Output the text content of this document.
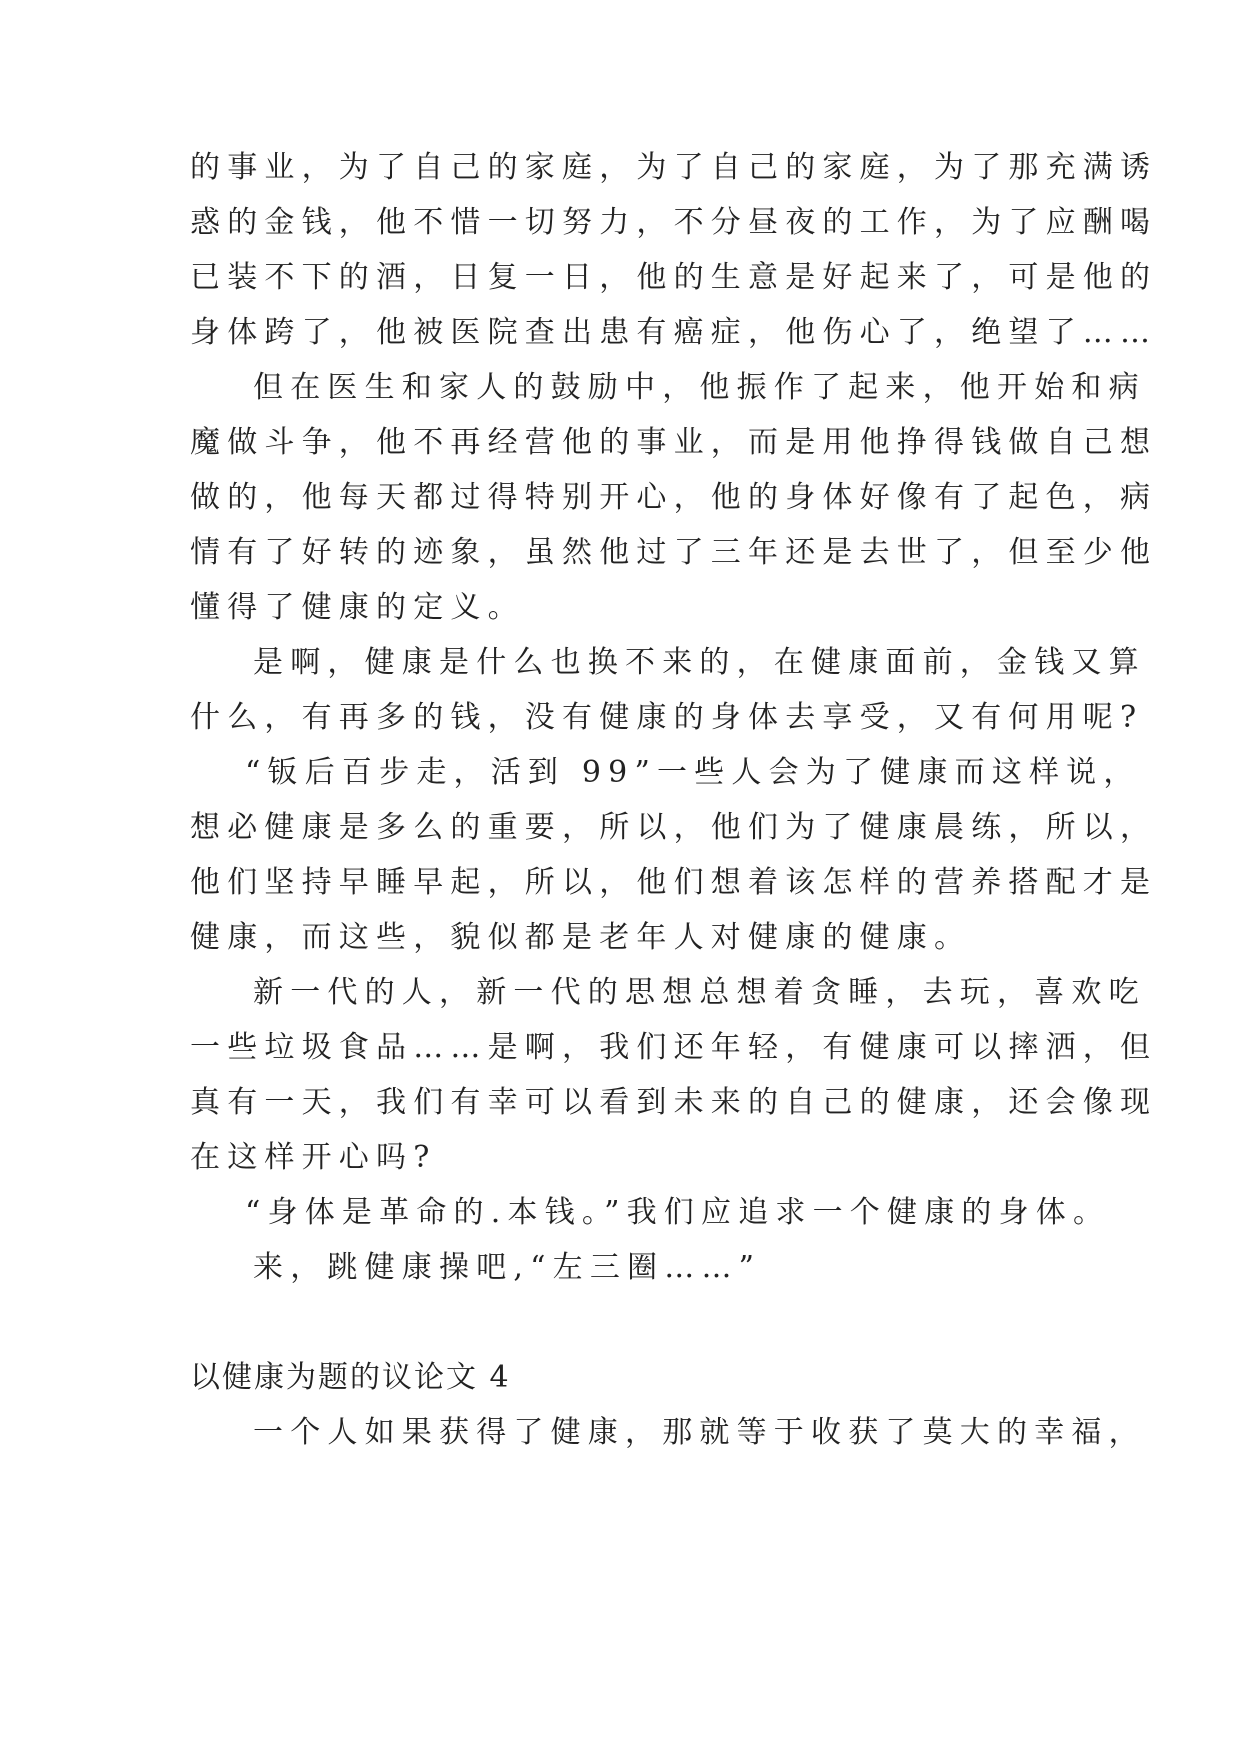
的事业，为了自己的家庭，为了自己的家庭，为了那充满诱
惑的金钱，他不惜一切努力，不分昼夜的工作，为了应酬喝
已装不下的酒，日复一日，他的生意是好起来了，可是他的
身体跨了，他被医院查出患有癌症，他伤心了，绝望了……
但在医生和家人的鼓励中，他振作了起来，他开始和病
魔做斗争，他不再经营他的事业，而是用他挣得钱做自己想
做的，他每天都过得特别开心，他的身体好像有了起色，病
情有了好转的迹象，虽然他过了三年还是去世了，但至少他
懂得了健康的定义。
是啊，健康是什么也换不来的，在健康面前，金钱又算
什么，有再多的钱，没有健康的身体去享受，又有何用呢?
“钣后百步走，活到 99”一些人会为了健康而这样说，
想必健康是多么的重要，所以，他们为了健康晨练，所以，
他们坚持早睡早起，所以，他们想着该怎样的营养搭配才是
健康，而这些，貌似都是老年人对健康的健康。
新一代的人，新一代的思想总想着贪睡，去玩，喜欢吃
一些垃圾食品……是啊，我们还年轻，有健康可以摔洒，但
真有一天，我们有幸可以看到未来的自己的健康，还会像现
在这样开心吗?
“身体是革命的.本钱。”我们应追求一个健康的身体。
来，跳健康操吧,“左三圈……”
以健康为题的议论文 4
一个人如果获得了健康，那就等于收获了莫大的幸福，
